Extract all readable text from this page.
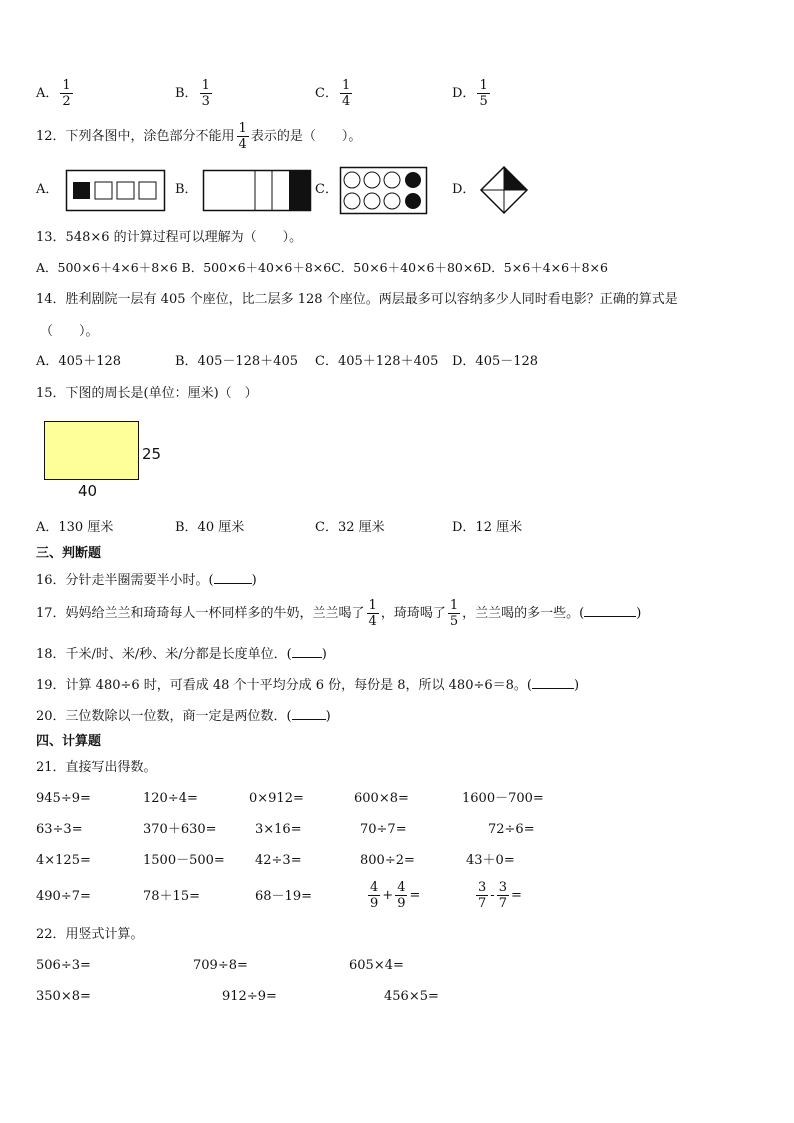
A． $\frac{1}{2}$	B． $\frac{1}{3}$	C． $\frac{1}{4}$	D． $\frac{1}{5}$
12．下列各图中，涂色部分不能用 $\frac{1}{4}$ 表示的是（　　）。
A．	B．	C．	D．
13．548×6 的计算过程可以理解为（　　）。
A．500×6＋4×6＋8×6 B．500×6＋40×6＋8×6C．50×6＋40×6＋80×6D．5×6＋4×6＋8×6
14．胜利剧院一层有 405 个座位，比二层多 128 个座位。两层最多可以容纳多少人同时看电影？正确的算式是
（　　）。
A．405＋128	B．405－128＋405 C．405＋128＋405 D．405－128
15．下图的周长是(单位：厘米)（　）
25
40
A．130 厘米	B．40 厘米	C．32 厘米	D．12 厘米
三、判断题
16．分针走半圈需要半小时。(	)
17．妈妈给兰兰和琦琦每人一杯同样多的牛奶，兰兰喝了 $\frac{1}{4}$ ，琦琦喝了 $\frac{1}{5}$ ，兰兰喝的多一些。(	)
18．千米/时、米/秒、米/分都是长度单位．( )
19．计算 480÷6 时，可看成 48 个十平均分成 6 份，每份是 8，所以 480÷6＝8。(	)
20．三位数除以一位数，商一定是两位数．(	)
四、计算题
21．直接写出得数。
945÷9=	120÷4=	0×912=	600×8=	1600－700=
63÷3=	370＋630=	3×16=	70÷7=	72÷6=
4×125=	1500－500= 42÷3=	800÷2=	43＋0=
490÷7=	78＋15=	68－19=	$\frac{4}{9} + \frac{4}{9}$ =	$\frac{3}{7} - \frac{3}{7}$ =
22．用竖式计算。
506÷3=	709÷8=	605×4=
350×8=	912÷9=	456×5=
